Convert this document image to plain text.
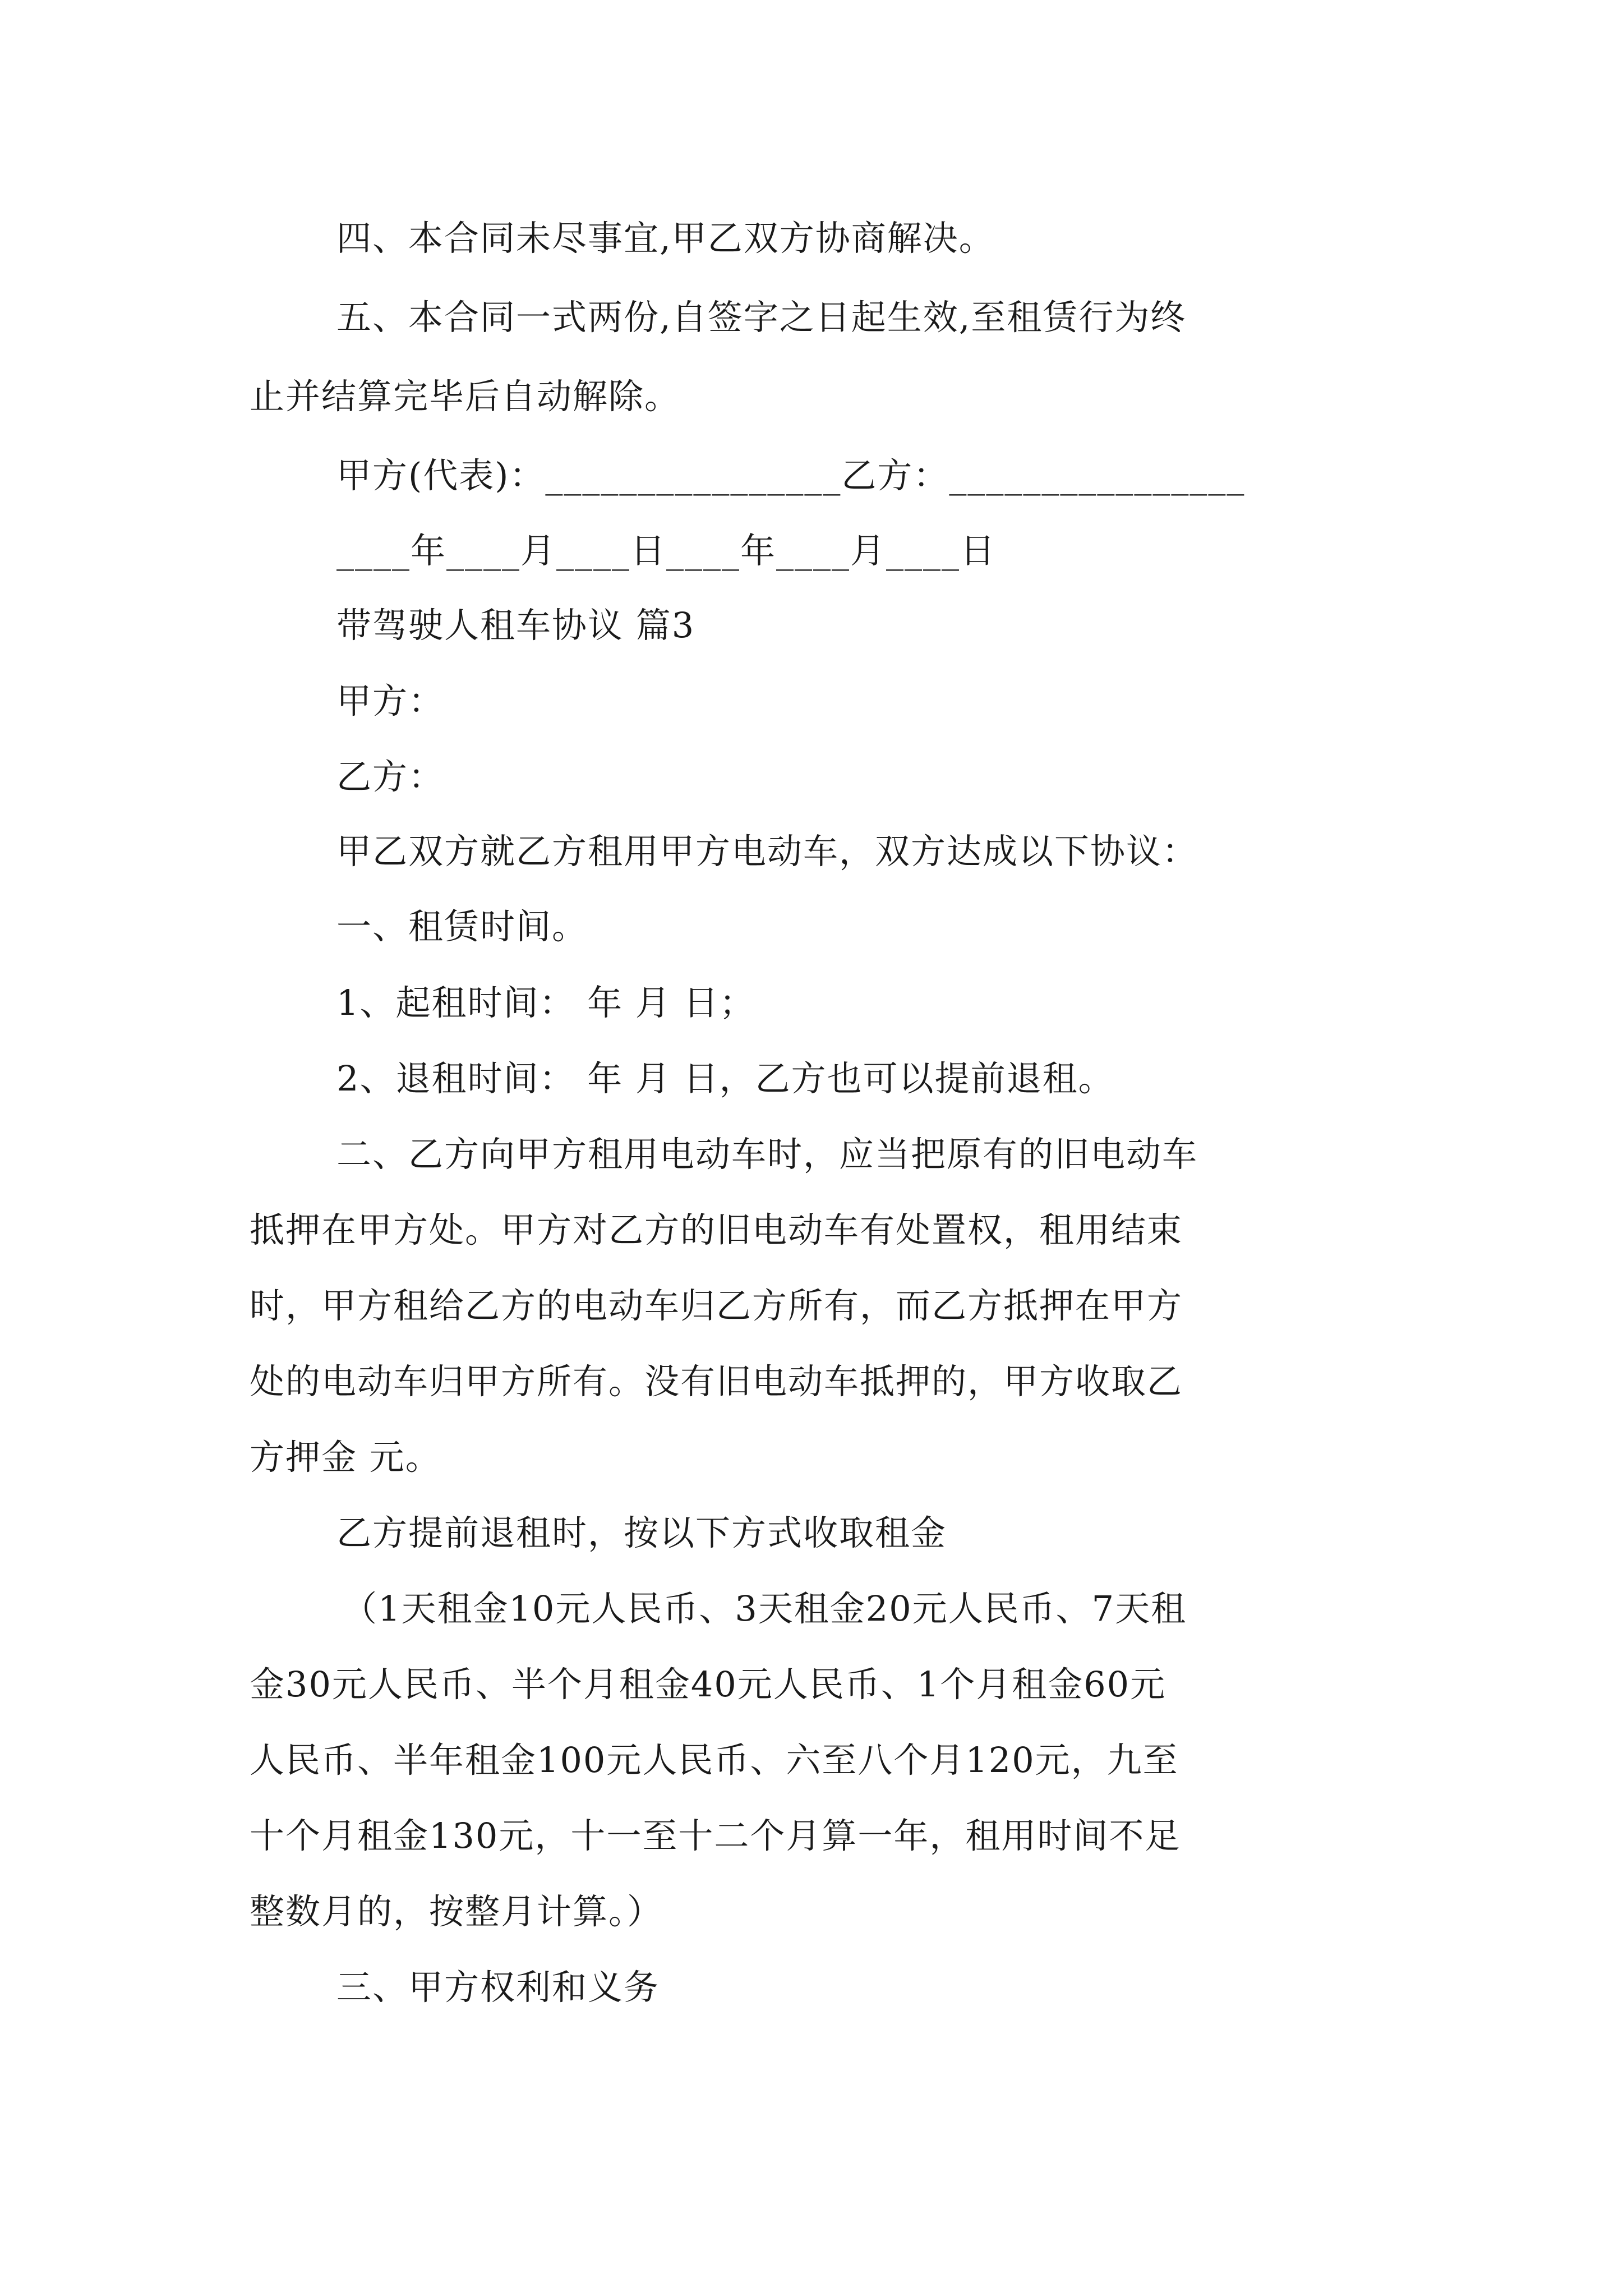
四、本合同未尽事宜,甲乙双方协商解决。
五、本合同一式两份,自签字之日起生效,至租赁行为终
止并结算完毕后自动解除。
甲方(代表)：________________乙方：________________
____年____月____日____年____月____日
带驾驶人租车协议 篇3
甲方：
乙方：
甲乙双方就乙方租用甲方电动车，双方达成以下协议：
一、租赁时间。
1、起租时间： 年 月 日；
2、退租时间： 年 月 日，乙方也可以提前退租。
二、乙方向甲方租用电动车时，应当把原有的旧电动车
抵押在甲方处。甲方对乙方的旧电动车有处置权，租用结束
时，甲方租给乙方的电动车归乙方所有，而乙方抵押在甲方
处的电动车归甲方所有。没有旧电动车抵押的，甲方收取乙
方押金 元。
乙方提前退租时，按以下方式收取租金
（1天租金10元人民币、3天租金20元人民币、7天租
金30元人民币、半个月租金40元人民币、1个月租金60元
人民币、半年租金100元人民币、六至八个月120元，九至
十个月租金130元，十一至十二个月算一年，租用时间不足
整数月的，按整月计算。）
三、甲方权利和义务
